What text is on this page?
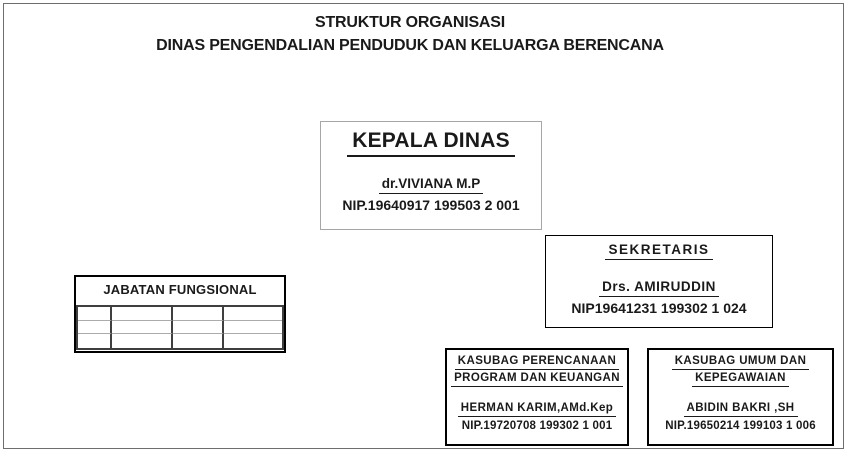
STRUKTUR ORGANISASI
DINAS PENGENDALIAN PENDUDUK DAN KELUARGA BERENCANA
KEPALA DINAS
dr.VIVIANA M.P
NIP.19640917 199503 2 001
SEKRETARIS
Drs. AMIRUDDIN
NIP19641231 199302 1 024
JABATAN FUNGSIONAL
KASUBAG PERENCANAAN
PROGRAM DAN KEUANGAN
HERMAN KARIM,AMd.Kep
NIP.19720708 199302 1 001
KASUBAG UMUM DAN
KEPEGAWAIAN
ABIDIN BAKRI ,SH
NIP.19650214 199103 1 006
